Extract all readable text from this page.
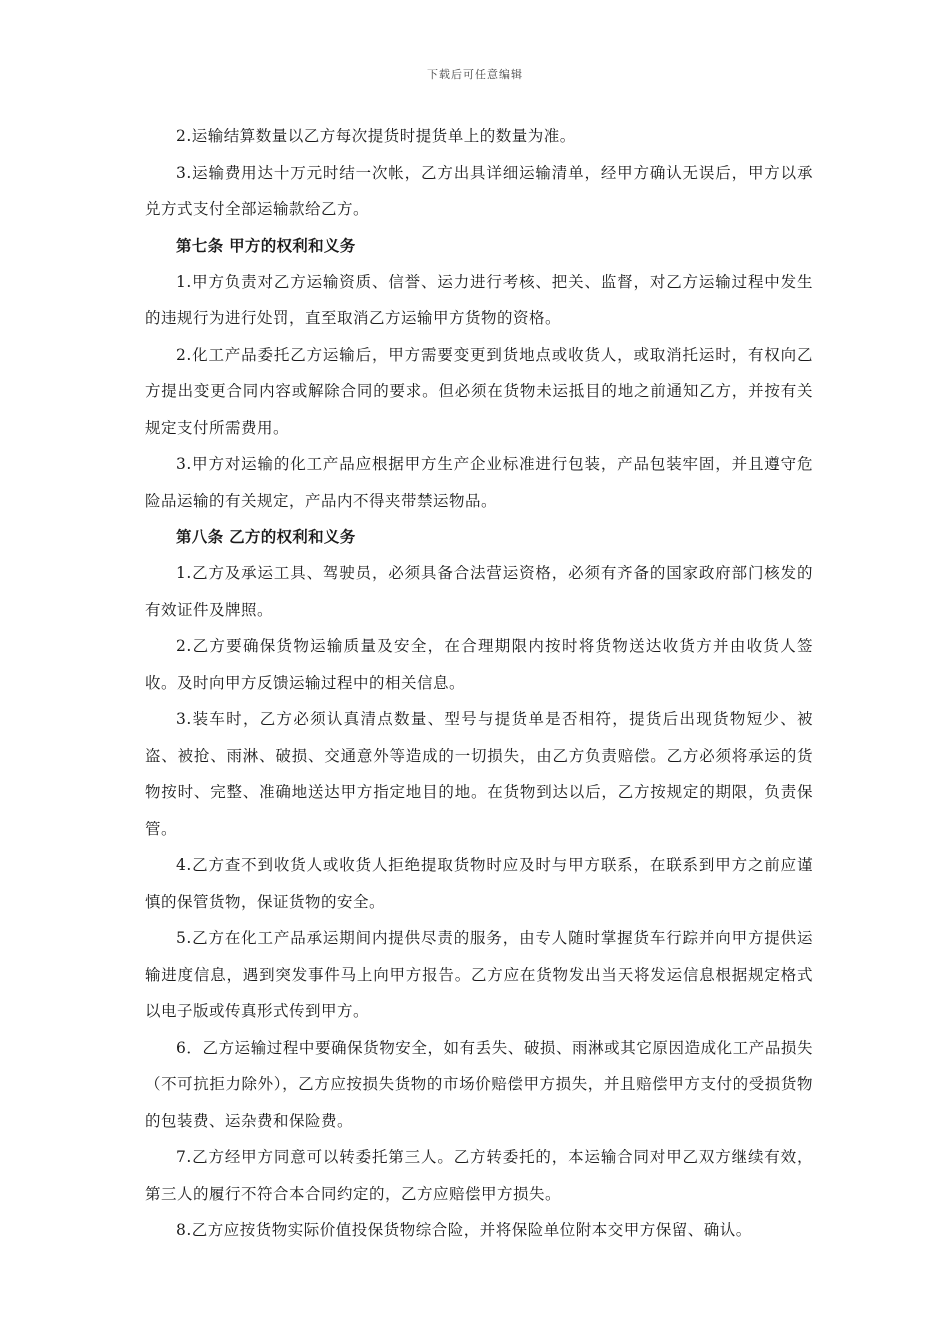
下载后可任意编辑

2.运输结算数量以乙方每次提货时提货单上的数量为准。

3.运输费用达十万元时结一次帐，乙方出具详细运输清单，经甲方确认无误后，甲方以承兑方式支付全部运输款给乙方。

第七条 甲方的权利和义务

1.甲方负责对乙方运输资质、信誉、运力进行考核、把关、监督，对乙方运输过程中发生的违规行为进行处罚，直至取消乙方运输甲方货物的资格。

2.化工产品委托乙方运输后，甲方需要变更到货地点或收货人，或取消托运时，有权向乙方提出变更合同内容或解除合同的要求。但必须在货物未运抵目的地之前通知乙方，并按有关规定支付所需费用。

3.甲方对运输的化工产品应根据甲方生产企业标准进行包装，产品包装牢固，并且遵守危险品运输的有关规定，产品内不得夹带禁运物品。

第八条 乙方的权利和义务

1.乙方及承运工具、驾驶员，必须具备合法营运资格，必须有齐备的国家政府部门核发的有效证件及牌照。

2.乙方要确保货物运输质量及安全，在合理期限内按时将货物送达收货方并由收货人签收。及时向甲方反馈运输过程中的相关信息。

3.装车时，乙方必须认真清点数量、型号与提货单是否相符，提货后出现货物短少、被盗、被抢、雨淋、破损、交通意外等造成的一切损失，由乙方负责赔偿。乙方必须将承运的货物按时、完整、准确地送达甲方指定地目的地。在货物到达以后，乙方按规定的期限，负责保管。

4.乙方查不到收货人或收货人拒绝提取货物时应及时与甲方联系，在联系到甲方之前应谨慎的保管货物，保证货物的安全。

5.乙方在化工产品承运期间内提供尽责的服务，由专人随时掌握货车行踪并向甲方提供运输进度信息，遇到突发事件马上向甲方报告。乙方应在货物发出当天将发运信息根据规定格式以电子版或传真形式传到甲方。

6．乙方运输过程中要确保货物安全，如有丢失、破损、雨淋或其它原因造成化工产品损失（不可抗拒力除外），乙方应按损失货物的市场价赔偿甲方损失，并且赔偿甲方支付的受损货物的包装费、运杂费和保险费。

7.乙方经甲方同意可以转委托第三人。乙方转委托的，本运输合同对甲乙双方继续有效，第三人的履行不符合本合同约定的，乙方应赔偿甲方损失。

8.乙方应按货物实际价值投保货物综合险，并将保险单位附本交甲方保留、确认。
